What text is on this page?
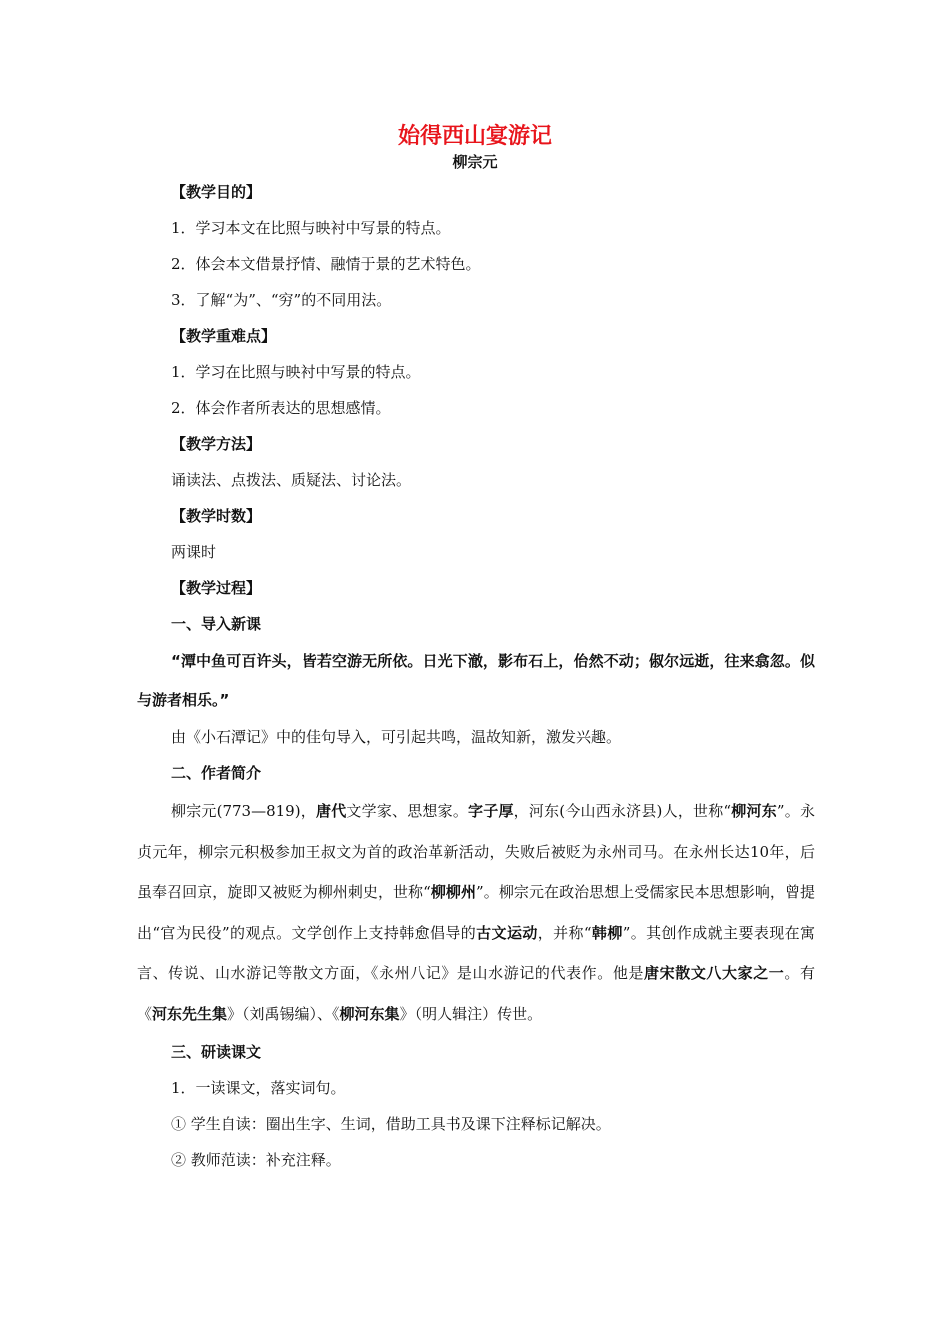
始得西山宴游记
柳宗元

【教学目的】

1．学习本文在比照与映衬中写景的特点。

2．体会本文借景抒情、融情于景的艺术特色。

3．了解“为”、“穷”的不同用法。

【教学重难点】

1．学习在比照与映衬中写景的特点。

2．体会作者所表达的思想感情。

【教学方法】

诵读法、点拨法、质疑法、讨论法。

【教学时数】

两课时

【教学过程】

一、导入新课

“潭中鱼可百许头，皆若空游无所依。日光下澈，影布石上，佁然不动；俶尔远逝，往来翕忽。似与游者相乐。”

由《小石潭记》中的佳句导入，可引起共鸣，温故知新，激发兴趣。

二、作者简介

柳宗元(773—819)，唐代文学家、思想家。字子厚，河东(今山西永济县)人，世称“柳河东”。永贞元年，柳宗元积极参加王叔文为首的政治革新活动，失败后被贬为永州司马。在永州长达10年，后虽奉召回京，旋即又被贬为柳州刺史，世称“柳柳州”。柳宗元在政治思想上受儒家民本思想影响，曾提出“官为民役”的观点。文学创作上支持韩愈倡导的古文运动，并称“韩柳”。其创作成就主要表现在寓言、传说、山水游记等散文方面，《永州八记》是山水游记的代表作。他是唐宋散文八大家之一。有《河东先生集》（刘禹锡编）、《柳河东集》（明人辑注）传世。

三、研读课文

1．一读课文，落实词句。

① 学生自读：圈出生字、生词，借助工具书及课下注释标记解决。

② 教师范读：补充注释。
